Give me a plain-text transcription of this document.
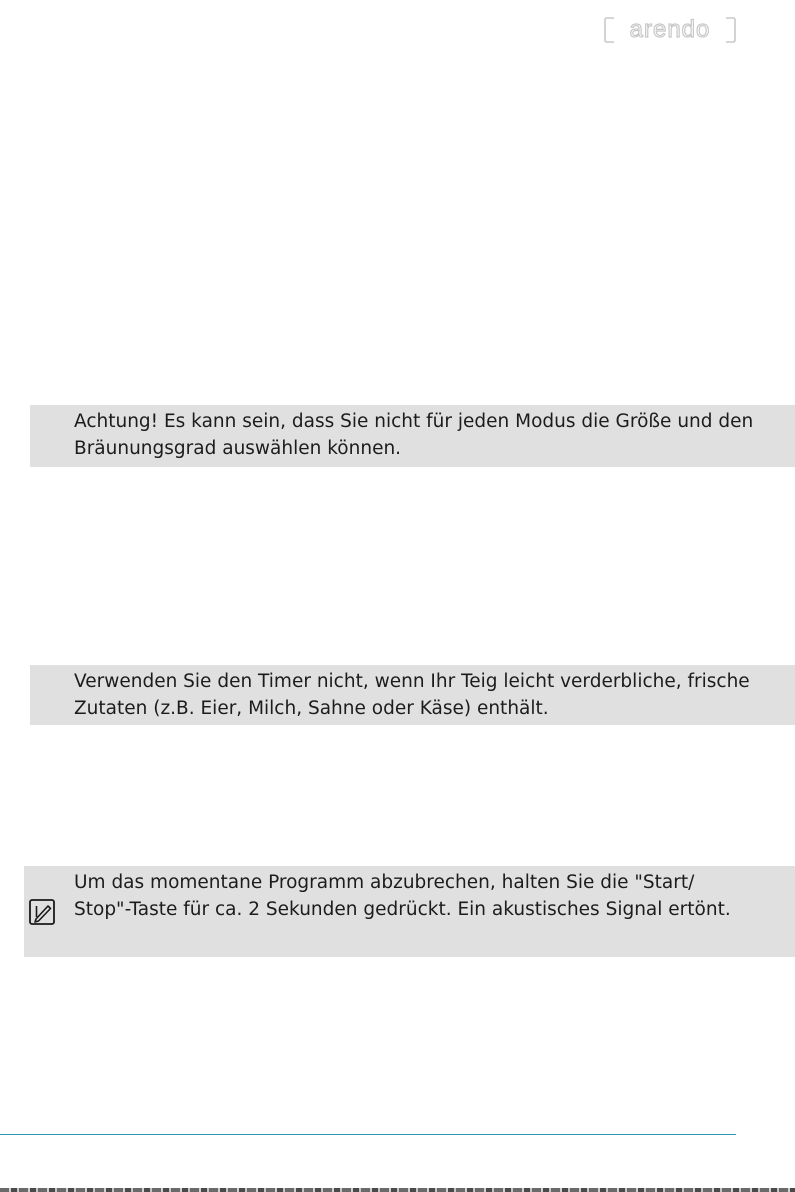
arendo

Achtung! Es kann sein, dass Sie nicht für jeden Modus die Größe und den Bräunungsgrad auswählen können.

Verwenden Sie den Timer nicht, wenn Ihr Teig leicht verderbliche, frische Zutaten (z.B. Eier, Milch, Sahne oder Käse) enthält.

Um das momentane Programm abzubrechen, halten Sie die "Start/ Stop"-Taste für ca. 2 Sekunden gedrückt. Ein akustisches Signal ertönt.
